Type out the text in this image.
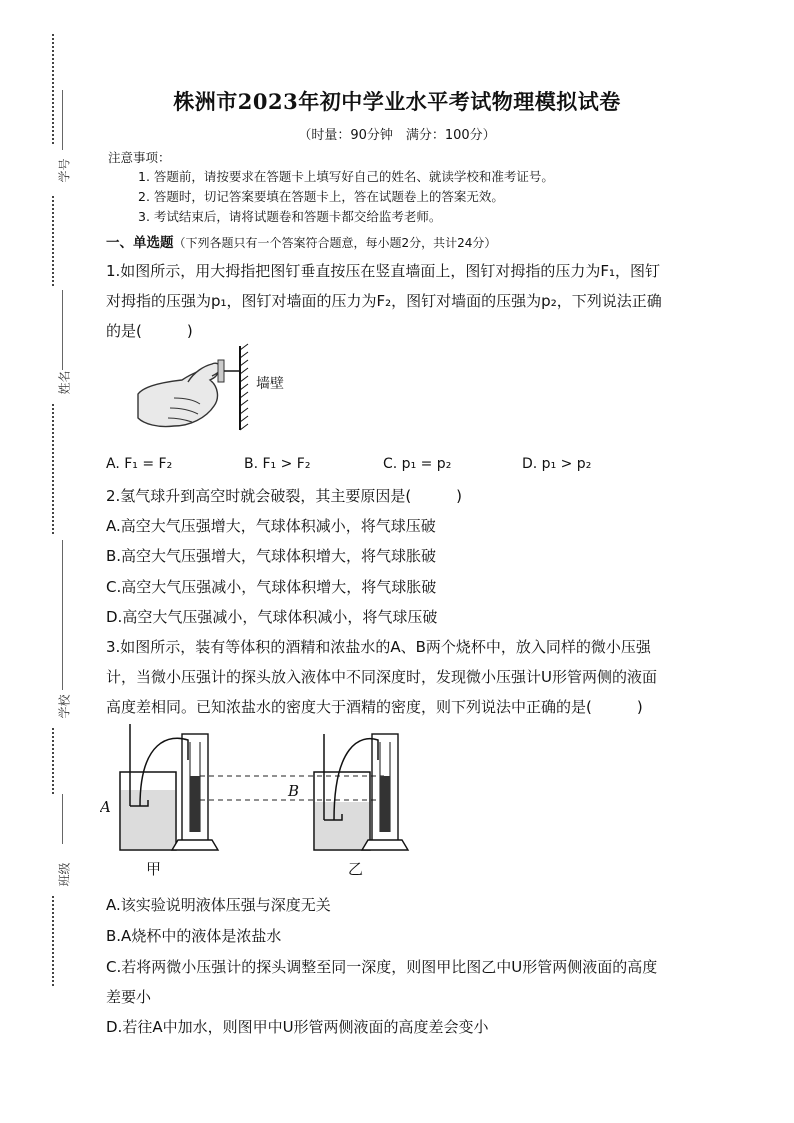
学号
姓名
学校
班级
株洲市2023年初中学业水平考试物理模拟试卷
（时量：90分钟　满分：100分）
注意事项：
1. 答题前，请按要求在答题卡上填写好自己的姓名、就读学校和准考证号。
2. 答题时，切记答案要填在答题卡上，答在试题卷上的答案无效。
3. 考试结束后，请将试题卷和答题卡都交给监考老师。
一、单选题（下列各题只有一个答案符合题意，每小题2分，共计24分）
1.如图所示，用大拇指把图钉垂直按压在竖直墙面上，图钉对拇指的压力为F₁，图钉
对拇指的压强为p₁，图钉对墙面的压力为F₂，图钉对墙面的压强为p₂，下列说法正确
的是(　　　)
墙壁
A. F₁ = F₂	B. F₁ > F₂	C. p₁ = p₂	D. p₁ > p₂
2.氢气球升到高空时就会破裂，其主要原因是(　　　)
A.高空大气压强增大，气球体积减小，将气球压破
B.高空大气压强增大，气球体积增大，将气球胀破
C.高空大气压强减小，气球体积增大，将气球胀破
D.高空大气压强减小，气球体积减小，将气球压破
3.如图所示，装有等体积的酒精和浓盐水的A、B两个烧杯中，放入同样的微小压强
计，当微小压强计的探头放入液体中不同深度时，发现微小压强计U形管两侧的液面
高度差相同。已知浓盐水的密度大于酒精的密度，则下列说法中正确的是(　　　)
A
甲
B
乙
A.该实验说明液体压强与深度无关
B.A烧杯中的液体是浓盐水
C.若将两微小压强计的探头调整至同一深度，则图甲比图乙中U形管两侧液面的高度
差要小
D.若往A中加水，则图甲中U形管两侧液面的高度差会变小
